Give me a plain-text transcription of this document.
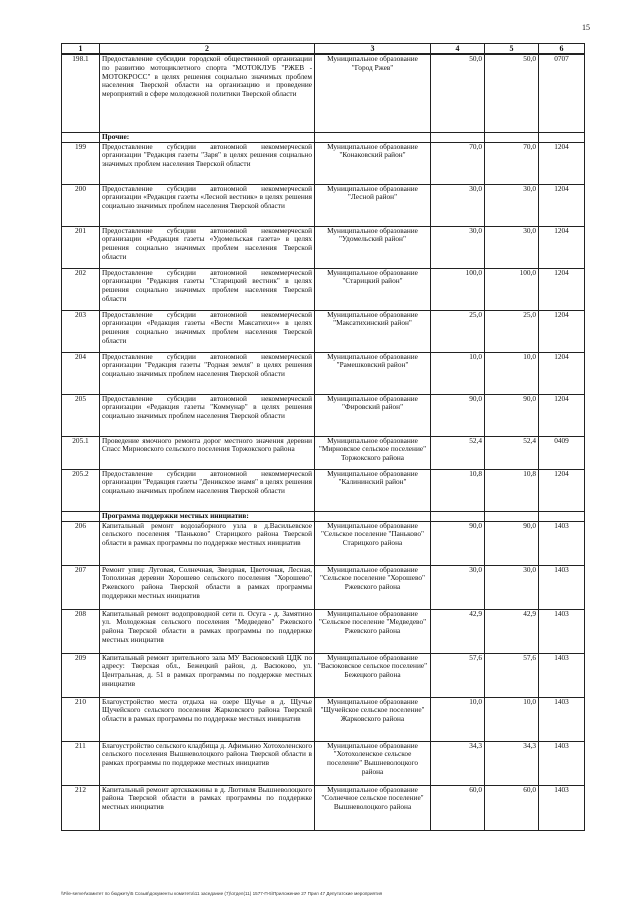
15
1	2	3	4	5	6
198.1	Предоставление субсидии городской общественной организации по развитию мотоциклетного спорта "МОТОКЛУБ "РЖЕВ - МОТОКРОСС" в целях решения социально значимых проблем населения Тверской области на организацию и проведение мероприятий в сфере молодежной политики Тверской области	Муниципальное образование "Город Ржев"	50,0	50,0	0707
	Прочие:				
199	Предоставление субсидии автономной некоммерческой организации "Редакция газеты "Заря" в целях решения социально значимых проблем населения Тверской области	Муниципальное образование "Конаковский район"	70,0	70,0	1204
200	Предоставление субсидии автономной некоммерческой организации «Редакция газеты «Лесной вестник» в целях решения социально значимых проблем населения Тверской области	Муниципальное образование "Лесной район"	30,0	30,0	1204
201	Предоставление субсидии автономной некоммерческой организации «Редакция газеты «Удомельская газета» в целях решения социально значимых проблем населения Тверской области	Муниципальное образование "Удомельский район"	30,0	30,0	1204
202	Предоставление субсидии автономной некоммерческой организации "Редакция газеты "Старицкий вестник" в целях решения социально значимых проблем населения Тверской области	Муниципальное образование "Старицкий район"	100,0	100,0	1204
203	Предоставление субсидии автономной некоммерческой организации «Редакция газеты «Вести Максатихи»» в целях решения социально значимых проблем населения Тверской области	Муниципальное образование "Максатихинский район"	25,0	25,0	1204
204	Предоставление субсидии автономной некоммерческой организации "Редакция газеты "Родная земля" в целях решения социально значимых проблем населения Тверской области	Муниципальное образование "Рамешковский район"	10,0	10,0	1204
205	Предоставление субсидии автономной некоммерческой организации «Редакция газеты "Коммунар" в целях решения социально значимых проблем населения Тверской области	Муниципальное образование "Фировский район"	90,0	90,0	1204
205.1	Проведение ямочного ремонта дорог местного значения деревни Спасс Мирновского сельского поселения Торжокского района	Муниципальное образование "Мирновское сельское поселение" Торжокского района	52,4	52,4	0409
205.2	Предоставление субсидии автономной некоммерческой организации "Редакция газеты "Деникское знамя" в целях решения социально значимых проблем населения Тверской области	Муниципальное образование "Калининский район"	10,8	10,8	1204
	Программа поддержки местных инициатив:				
206	Капитальный ремонт водозаборного узла в д.Васильевское сельского поселения "Паньково" Старицкого района Тверской области в рамках программы по поддержке местных инициатив	Муниципальное образование "Сельское поселение "Паньково" Старицкого района	90,0	90,0	1403
207	Ремонт улиц: Луговая, Солнечная, Звездная, Цветочная, Лесная, Тополиная деревни Хорошево сельского поселения "Хорошево" Ржевского района Тверской области в рамках программы поддержки местных инициатив	Муниципальное образование "Сельское поселение "Хорошево" Ржевского района	30,0	30,0	1403
208	Капитальный ремонт водопроводной сети п. Осуга - д. Замятино ул. Молодежная сельского поселения "Медведево" Ржевского района Тверской области в рамках программы по поддержке местных инициатив	Муниципальное образование "Сельское поселение "Медведево" Ржевского района	42,9	42,9	1403
209	Капитальный ремонт зрительного зала МУ Васюковский ЦДК по адресу: Тверская обл., Бежецкий район, д. Васюково, ул. Центральная, д. 51 в рамках программы по поддержке местных инициатив	Муниципальное образование "Васюковское сельское поселение" Бежецкого района	57,6	57,6	1403
210	Благоустройство места отдыха на озере Щучье в д. Щучье Щучейского сельского поселения Жарковского района Тверской области в рамках программы по поддержке местных инициатив	Муниципальное образование "Щучейское сельское поселение" Жарковского района	10,0	10,0	1403
211	Благоустройство сельского кладбища д. Афимьино Хотохоленского сельского поселения Вышневолоцкого района Тверской области в рамках программы по поддержке местных инициатив	Муниципальное образование "Хотохоленское сельское поселение" Вышневолоцкого района	34,3	34,3	1403
212	Капитальный ремонт артскважины в д. Лютивля Вышневолоцкого района Тверской области в рамках программы по поддержке местных инициатив	Муниципальное образование "Солнечное сельское поселение" Вышневолоцкого района	60,0	60,0	1403
\\File-server\комитет по бюджету\5 Созыв\документы комитета\11 заседание (7)\отдел(11) 1577-П-5\Приложение 27 Прил 47 Депутатские мероприятия
